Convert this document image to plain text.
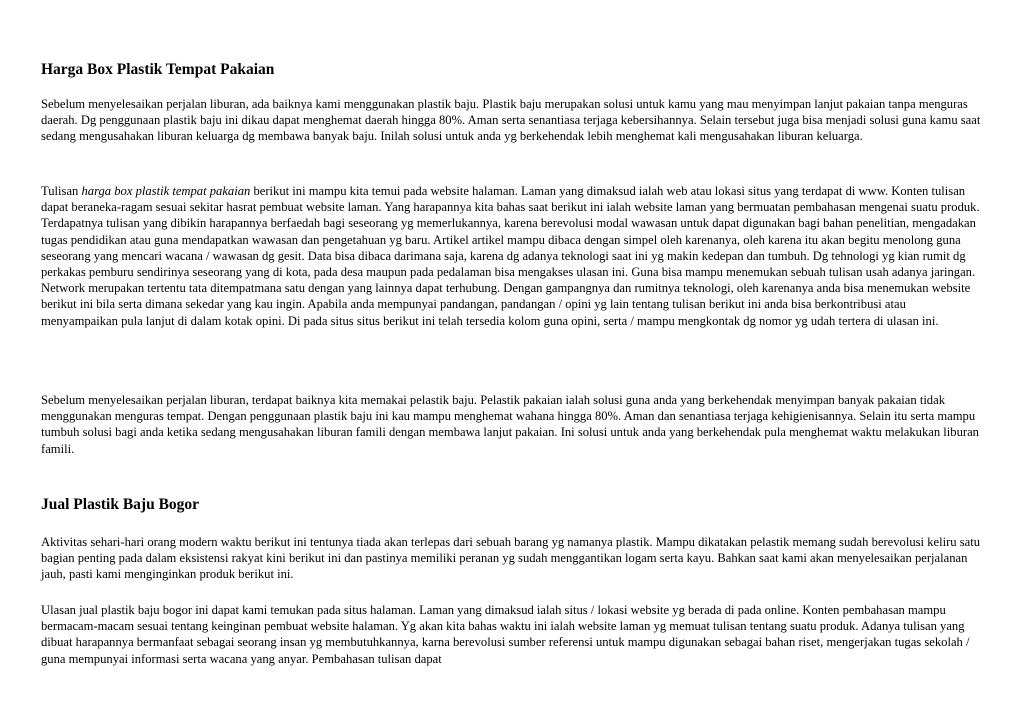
Harga Box Plastik Tempat Pakaian

Sebelum menyelesaikan perjalan liburan, ada baiknya kami menggunakan plastik baju. Plastik baju merupakan solusi untuk kamu yang mau menyimpan lanjut pakaian tanpa menguras daerah. Dg penggunaan plastik baju ini dikau dapat menghemat daerah hingga 80%. Aman serta senantiasa terjaga kebersihannya. Selain tersebut juga bisa menjadi solusi guna kamu saat sedang mengusahakan liburan keluarga dg membawa banyak baju. Inilah solusi untuk anda yg berkehendak lebih menghemat kali mengusahakan liburan keluarga.

Tulisan harga box plastik tempat pakaian berikut ini mampu kita temui pada website halaman. Laman yang dimaksud ialah web atau lokasi situs yang terdapat di www. Konten tulisan dapat beraneka-ragam sesuai sekitar hasrat pembuat website laman. Yang harapannya kita bahas saat berikut ini ialah website laman yang bermuatan pembahasan mengenai suatu produk. Terdapatnya tulisan yang dibikin harapannya berfaedah bagi seseorang yg memerlukannya, karena berevolusi modal wawasan untuk dapat digunakan bagi bahan penelitian, mengadakan tugas pendidikan atau guna mendapatkan wawasan dan pengetahuan yg baru. Artikel artikel mampu dibaca dengan simpel oleh karenanya, oleh karena itu akan begitu menolong guna seseorang yang mencari wacana / wawasan dg gesit. Data bisa dibaca darimana saja, karena dg adanya teknologi saat ini yg makin kedepan dan tumbuh. Dg tehnologi yg kian rumit dg perkakas pemburu sendirinya seseorang yang di kota, pada desa maupun pada pedalaman bisa mengakses ulasan ini. Guna bisa mampu menemukan sebuah tulisan usah adanya jaringan. Network merupakan tertentu tata ditempatmana satu dengan yang lainnya dapat terhubung. Dengan gampangnya dan rumitnya teknologi, oleh karenanya anda bisa menemukan website berikut ini bila serta dimana sekedar yang kau ingin. Apabila anda mempunyai pandangan, pandangan / opini yg lain tentang tulisan berikut ini anda bisa berkontribusi atau menyampaikan pula lanjut di dalam kotak opini. Di pada situs situs berikut ini telah tersedia kolom guna opini, serta / mampu mengkontak dg nomor yg udah tertera di ulasan ini.

Sebelum menyelesaikan perjalan liburan, terdapat baiknya kita memakai pelastik baju. Pelastik pakaian ialah solusi guna anda yang berkehendak menyimpan banyak pakaian tidak menggunakan menguras tempat. Dengan penggunaan plastik baju ini kau mampu menghemat wahana hingga 80%. Aman dan senantiasa terjaga kehigienisannya. Selain itu serta mampu tumbuh solusi bagi anda ketika sedang mengusahakan liburan famili dengan membawa lanjut pakaian. Ini solusi untuk anda yang berkehendak pula menghemat waktu melakukan liburan famili.

Jual Plastik Baju Bogor

Aktivitas sehari-hari orang modern waktu berikut ini tentunya tiada akan terlepas dari sebuah barang yg namanya plastik. Mampu dikatakan pelastik memang sudah berevolusi keliru satu bagian penting pada dalam eksistensi rakyat kini berikut ini dan pastinya memiliki peranan yg sudah menggantikan logam serta kayu. Bahkan saat kami akan menyelesaikan perjalanan jauh, pasti kami menginginkan produk berikut ini.

Ulasan jual plastik baju bogor ini dapat kami temukan pada situs halaman. Laman yang dimaksud ialah situs / lokasi website yg berada di pada online. Konten pembahasan mampu bermacam-macam sesuai tentang keinginan pembuat website halaman. Yg akan kita bahas waktu ini ialah website laman yg memuat tulisan tentang suatu produk. Adanya tulisan yang dibuat harapannya bermanfaat sebagai seorang insan yg membutuhkannya, karna berevolusi sumber referensi untuk mampu digunakan sebagai bahan riset, mengerjakan tugas sekolah / guna mempunyai informasi serta wacana yang anyar. Pembahasan tulisan dapat
